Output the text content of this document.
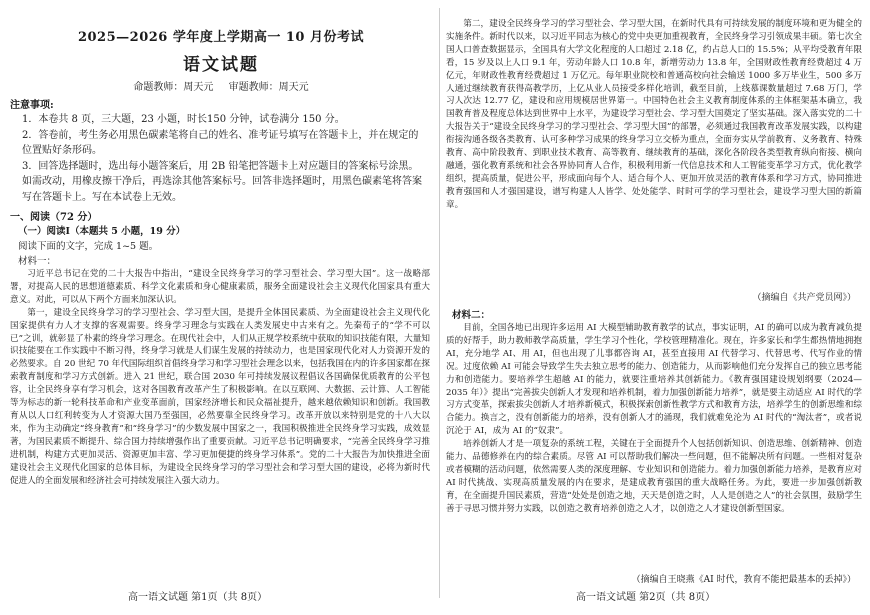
2025—2026 学年度上学期高一 10 月份考试
语文试题
命题教师：周天元 审题教师：周天元
注意事项:
1．本卷共 8 页，三大题，23 小题，时长150 分钟，试卷满分 150 分。
2．答卷前，考生务必用黑色碳素笔将自己的姓名、准考证号填写在答题卡上，并在规定的位置贴好条形码。
3．回答选择题时，选出每小题答案后，用 2B 铅笔把答题卡上对应题目的答案标号涂黑。如需改动，用橡皮擦干净后，再选涂其他答案标号。回答非选择题时，用黑色碳素笔将答案写在答题卡上。写在本试卷上无效。
一、阅读（72 分）
（一）阅读Ⅰ（本题共 5 小题，19 分）
阅读下面的文字，完成 1~5 题。
材料一：

习近平总书记在党的二十大报告中指出，“建设全民终身学习的学习型社会、学习型大国”。这一战略部署，对提高人民的思想道德素质、科学文化素质和身心健康素质，服务全面建设社会主义现代化国家具有重大意义。对此，可以从下两个方面来加深认识。

第一，建设全民终身学习的学习型社会、学习型大国，是提升全体国民素质、为全面建设社会主义现代化国家提供有力人才支撑的客观需要。终身学习理念与实践在人类发展史中古来有之。先秦荀子的“学不可以已”之训，就彰显了朴素的终身学习理念。在现代社会中，人们从正规学校系统中获取的知识技能有限，大量知识技能要在工作实践中不断习得，终身学习就是人们谋生发展的持续动力，也是国家现代化对人力资源开发的必然要求。自 20 世纪 70 年代国际组织首倡终身学习和学习型社会理念以来，包括我国在内的许多国家都在探索教育制度和学习方式创新。进入 21 世纪，联合国 2030 年可持续发展议程倡议各国确保优质教育的公平包容，让全民终身享有学习机会，这对各国教育改革产生了积极影响。在以互联网、大数据、云计算、人工智能等为标志的新一轮科技革命和产业变革面前，国家经济增长和民众福祉提升，越来越依赖知识和创新。我国教育从以人口红利转变为人才资源大国乃至强国，必然要靠全民终身学习。改革开放以来特别是党的十八大以来，作为主动确定“终身教育”和“终身学习”的少数发展中国家之一，我国积极推进全民终身学习实践，成效显著，为国民素质不断提升、综合国力持续增强作出了重要贡献。习近平总书记明确要求，“完善全民终身学习推进机制，构建方式更加灵活、资源更加丰富、学习更加便捷的终身学习体系”。党的二十大报告为加快推进全面建设社会主义现代化国家的总体目标，为建设全民终身学习的学习型社会和学习型大国的建设，必将为新时代促进人的全面发展和经济社会可持续发展注入强大动力。

高一语文试题 第1页（共 8页）

第二，建设全民终身学习的学习型社会、学习型大国，在新时代具有可持续发展的制度环境和更为健全的实施条件。新时代以来，以习近平同志为核心的党中央更加重视教育，全民终身学习引领成果丰硕。第七次全国人口普查数据显示，全国具有大学文化程度的人口超过 2.18 亿，约占总人口的 15.5%；从平均受教育年限看，15 岁及以上人口 9.1 年，劳动年龄人口 10.8 年，新增劳动力 13.8 年，全国财政性教育经费超过 4 万亿元，年财政性教育经费超过 1 万亿元。每年职业院校和普通高校向社会输送 1000 多万毕业生，500 多万人通过继续教育获得高教学历，上亿从业人员接受多样化培训，截至目前，上线慕课数量超过 7.68 万门，学习人次达 12.77 亿，建设和应用规模居世界第一。中国特色社会主义教育制度体系的主体框架基本确立，我国教育普及程度总体达到世界中上水平，为建设学习型社会、学习型大国奠定了坚实基础。深入落实党的二十大报告关于“建设全民终身学习的学习型社会、学习型大国”的部署，必须通过我国教育改革发展实践，以构建衔接沟通各级各类教育、认可多种学习成果的终身学习立交桥为重点，全面夯实从学前教育、义务教育、特殊教育、高中阶段教育、到职业技术教育、高等教育、继续教育的基础，深化各阶段各类型教育纵向衔接、横向融通，强化教育系统和社会各界协同育人合作，积极利用新一代信息技术和人工智能变革学习方式，优化教学组织，提高质量，促进公平，形成面向每个人、适合每个人、更加开放灵活的教育体系和学习方式，协同推进教育强国和人才强国建设，谱写构建人人皆学、处处能学、时时可学的学习型社会，建设学习型大国的新篇章。

（摘编自《共产党员网》）
材料二：

目前，全国各地已出现许多运用 AI 大模型辅助教育教学的试点，事实证明，AI 的确可以成为教育减负提质的好帮手，助力教师教学高质量，学生学习个性化，学校管理精准化。现在，许多家长和学生都热情地拥抱 AI，充分地学 AI、用 AI，但也出现了儿事都咨询 AI，甚至直接用 AI 代替学习、代替思考、代写作业的情况。过度依赖 AI 可能会导致学生失去独立思考的能力、创造能力，从而影响他们充分发挥自己的独立思考能力和创造能力。要培养学生超越 AI 的能力，就要注重培养其创新能力。《教育强国建设规划纲要（2024—2035 年）》提出“完善拔尖创新人才发现和培养机制，着力加强创新能力培养”，就是要主动适应 AI 时代的学习方式变革，探索拔尖创新人才培养新模式，积极探索创新性教学方式和教育方法，培养学生的创新思维和综合能力。换言之，没有创新能力的培养，没有创新人才的涌现，我们就难免沦为 AI 时代的“淘汰者”，或者说沉沦于 AI，成为 AI 的“奴隶”。

培养创新人才是一项复杂的系统工程，关键在于全面提升个人包括创新知识、创造思维、创新精神、创造能力、品德修养在内的综合素质。尽管 AI 可以帮助我们解决一些问题，但不能解决所有问题。一些相对复杂或者模糊的活动问题，依然需要人类的深度理解、专业知识和创造能力。着力加强创新能力培养，是教育应对 AI 时代挑战、实现高质量发展的内在要求，是建成教育强国的重大战略任务。为此，要进一步加强创新教育，在全面提升国民素质，营造“处处是创造之地，天天是创造之时，人人是创造之人”的社会氛围，鼓励学生善于寻思习惯并努力实践，以创造之教育培养创造之人才，以创造之人才建设创新型国家。

（摘编自王晓燕《AI 时代，教育不能把最基本的丢掉》）
高一语文试题 第2页（共 8页）
